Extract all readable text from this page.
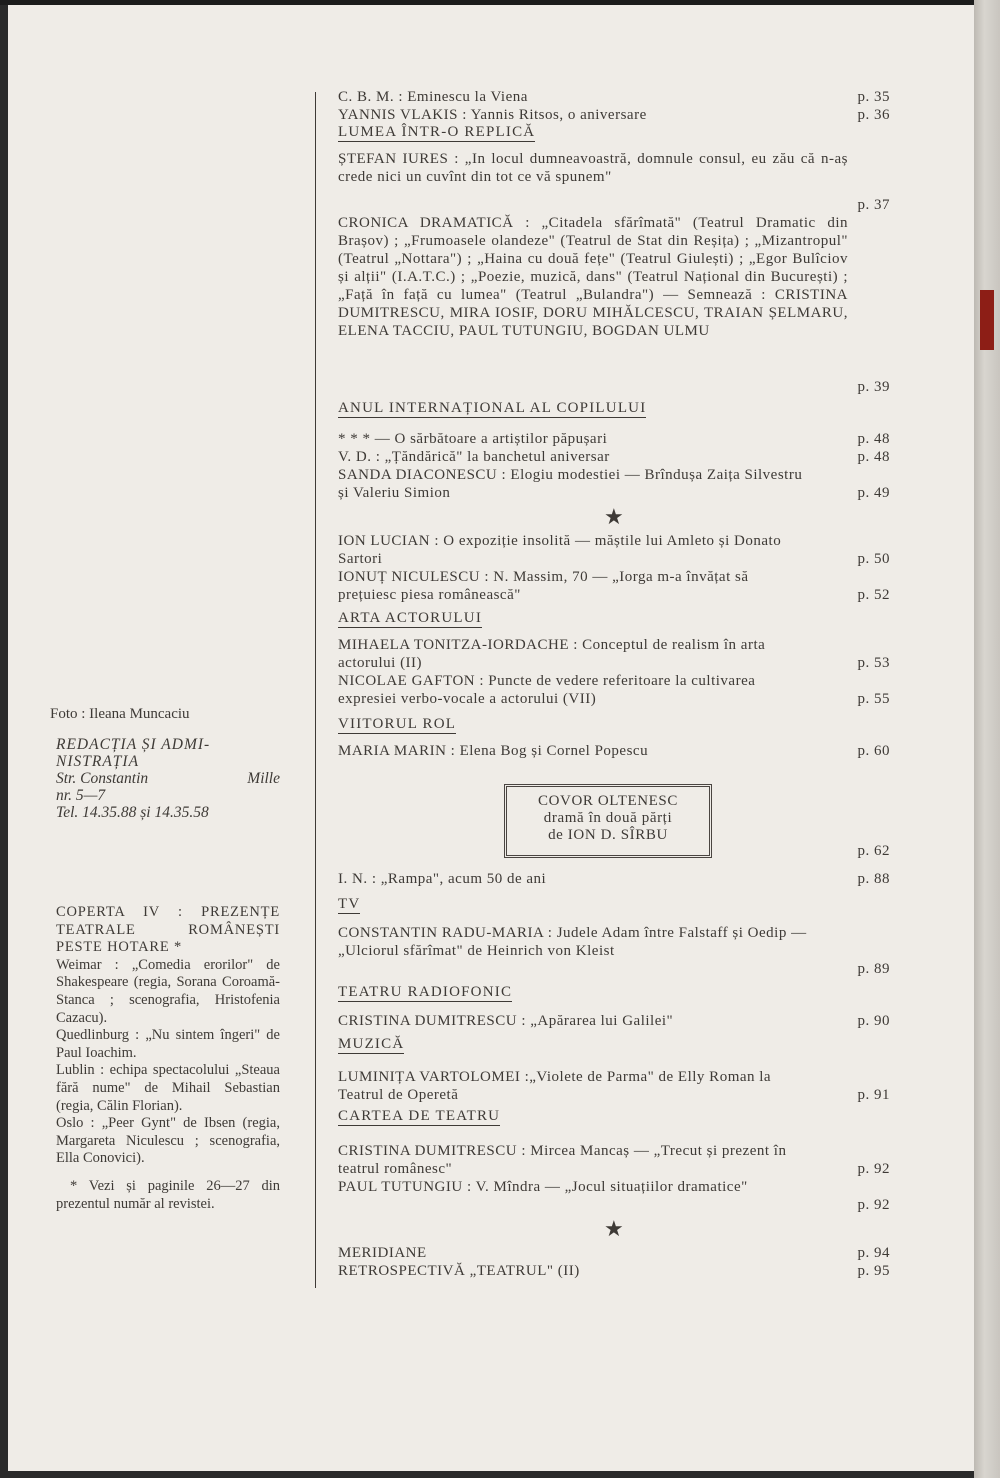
Foto : Ileana Muncaciu
REDACȚIA ȘI ADMI-
NISTRAȚIA
Str. Constantin	Mille
nr. 5—7
Tel. 14.35.88 și 14.35.58
COPERTA IV : PREZENȚE
TEATRALE ROMÂNEȘTI
PESTE HOTARE *

Weimar : „Comedia erorilor" de Shakespeare (regia, Sorana Coroamă-Stanca ; scenografia, Hristofenia Cazacu).

Quedlinburg : „Nu sintem îngeri" de Paul Ioachim.

Lublin : echipa spectacolului „Steaua fără nume" de Mihail Sebastian (regia, Călin Florian).

Oslo : „Peer Gynt" de Ibsen (regia, Margareta Niculescu ; scenografia, Ella Conovici).

* Vezi și paginile 26—27 din prezentul număr al revistei.

C. B. M. : Eminescu la Viena	p. 35
YANNIS VLAKIS : Yannis Ritsos, o aniversare	p. 36
LUMEA ÎNTR-O REPLICĂ
ȘTEFAN IURES : „In locul dumneavoastră, domnule consul, eu zău că n-aș crede nici un cuvînt din tot ce vă spunem"
p. 37
CRONICA DRAMATICĂ : „Citadela sfărîmată" (Teatrul Dramatic din Brașov) ; „Frumoasele olandeze" (Teatrul de Stat din Reșița) ; „Mizantropul" (Teatrul „Nottara") ; „Haina cu două fețe" (Teatrul Giulești) ; „Egor Bulîciov și alții" (I.A.T.C.) ; „Poezie, muzică, dans" (Teatrul Național din București) ; „Față în față cu lumea" (Teatrul „Bulandra") — Semnează : CRISTINA DUMITRESCU, MIRA IOSIF, DORU MIHĂLCESCU, TRAIAN ȘELMARU, ELENA TACCIU, PAUL TUTUNGIU, BOGDAN ULMU
p. 39
ANUL INTERNAȚIONAL AL COPILULUI
* * * — O sărbătoare a artiștilor păpușari	p. 48
V. D. : „Țăndărică" la banchetul aniversar	p. 48
SANDA DIACONESCU : Elogiu modestiei — Brîndușa Zaița Silvestru și Valeriu Simion	p. 49
★
ION LUCIAN : O expoziție insolită — măștile lui Amleto și Donato Sartori	p. 50
IONUȚ NICULESCU : N. Massim, 70 — „Iorga m-a învățat să prețuiesc piesa românească"	p. 52
ARTA ACTORULUI
MIHAELA TONITZA-IORDACHE : Conceptul de realism în arta actorului (II)	p. 53
NICOLAE GAFTON : Puncte de vedere referitoare la cultivarea expresiei verbo-vocale a actorului (VII)	p. 55
VIITORUL ROL
MARIA MARIN : Elena Bog și Cornel Popescu	p. 60
COVOR OLTENESC
dramă în două părți
de ION D. SÎRBU
p. 62
I. N. : „Rampa", acum 50 de ani	p. 88
TV
CONSTANTIN RADU-MARIA : Judele Adam între Falstaff și Oedip — „Ulciorul sfărîmat" de Heinrich von Kleist
p. 89
TEATRU RADIOFONIC
CRISTINA DUMITRESCU : „Apărarea lui Galilei"	p. 90
MUZICĂ
LUMINIȚA VARTOLOMEI :„Violete de Parma" de Elly Roman la Teatrul de Operetă	p. 91
CARTEA DE TEATRU
CRISTINA DUMITRESCU : Mircea Mancaș — „Trecut și prezent în teatrul românesc"	p. 92
PAUL TUTUNGIU : V. Mîndra — „Jocul situațiilor dramatice"
p. 92
★
MERIDIANE	p. 94
RETROSPECTIVĂ „TEATRUL" (II)	p. 95
